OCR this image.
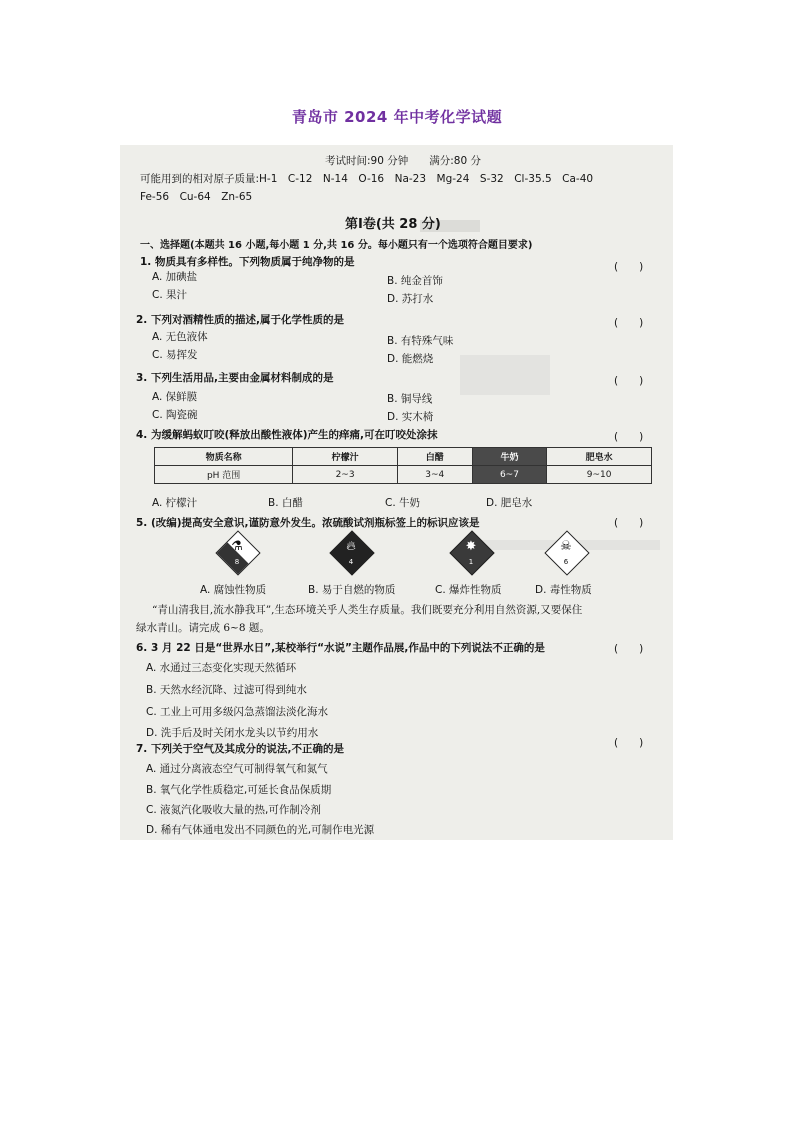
青岛市 2024 年中考化学试题
考试时间:90 分钟　　满分:80 分
可能用到的相对原子质量:H-1　C-12　N-14　O-16　Na-23　Mg-24　S-32　Cl-35.5　Ca-40
Fe-56　Cu-64　Zn-65
第Ⅰ卷(共 28 分)
一、选择题(本题共 16 小题,每小题 1 分,共 16 分。每小题只有一个选项符合题目要求)
1. 物质具有多样性。下列物质属于纯净物的是	(　　)
A. 加碘盐	B. 纯金首饰
C. 果汁	D. 苏打水
2. 下列对酒精性质的描述,属于化学性质的是	(　　)
A. 无色液体	B. 有特殊气味
C. 易挥发	D. 能燃烧
3. 下列生活用品,主要由金属材料制成的是	(　　)
A. 保鲜膜	B. 铜导线
C. 陶瓷碗	D. 实木椅
4. 为缓解蚂蚁叮咬(释放出酸性液体)产生的痒痛,可在叮咬处涂抹	(　　)
物质名称	柠檬汁	白醋	牛奶	肥皂水
pH 范围	2~3	3~4	6~7	9~10
A. 柠檬汁	B. 白醋	C. 牛奶	D. 肥皂水
5. (改编)提高安全意识,谨防意外发生。浓硫酸试剂瓶标签上的标识应该是	(　　)
⚗
8
🔥︎
4
✸
1
☠
6
A. 腐蚀性物质	B. 易于自燃的物质	C. 爆炸性物质	D. 毒性物质
“青山清我目,流水静我耳”,生态环境关乎人类生存质量。我们既要充分利用自然资源,又要保住
绿水青山。请完成 6~8 题。
6. 3 月 22 日是“世界水日”,某校举行“水说”主题作品展,作品中的下列说法不正确的是	(　　)
A. 水通过三态变化实现天然循环
B. 天然水经沉降、过滤可得到纯水
C. 工业上可用多级闪急蒸馏法淡化海水
D. 洗手后及时关闭水龙头以节约用水
7. 下列关于空气及其成分的说法,不正确的是	(　　)
A. 通过分离液态空气可制得氧气和氮气
B. 氧气化学性质稳定,可延长食品保质期
C. 液氮汽化吸收大量的热,可作制冷剂
D. 稀有气体通电发出不同颜色的光,可制作电光源
